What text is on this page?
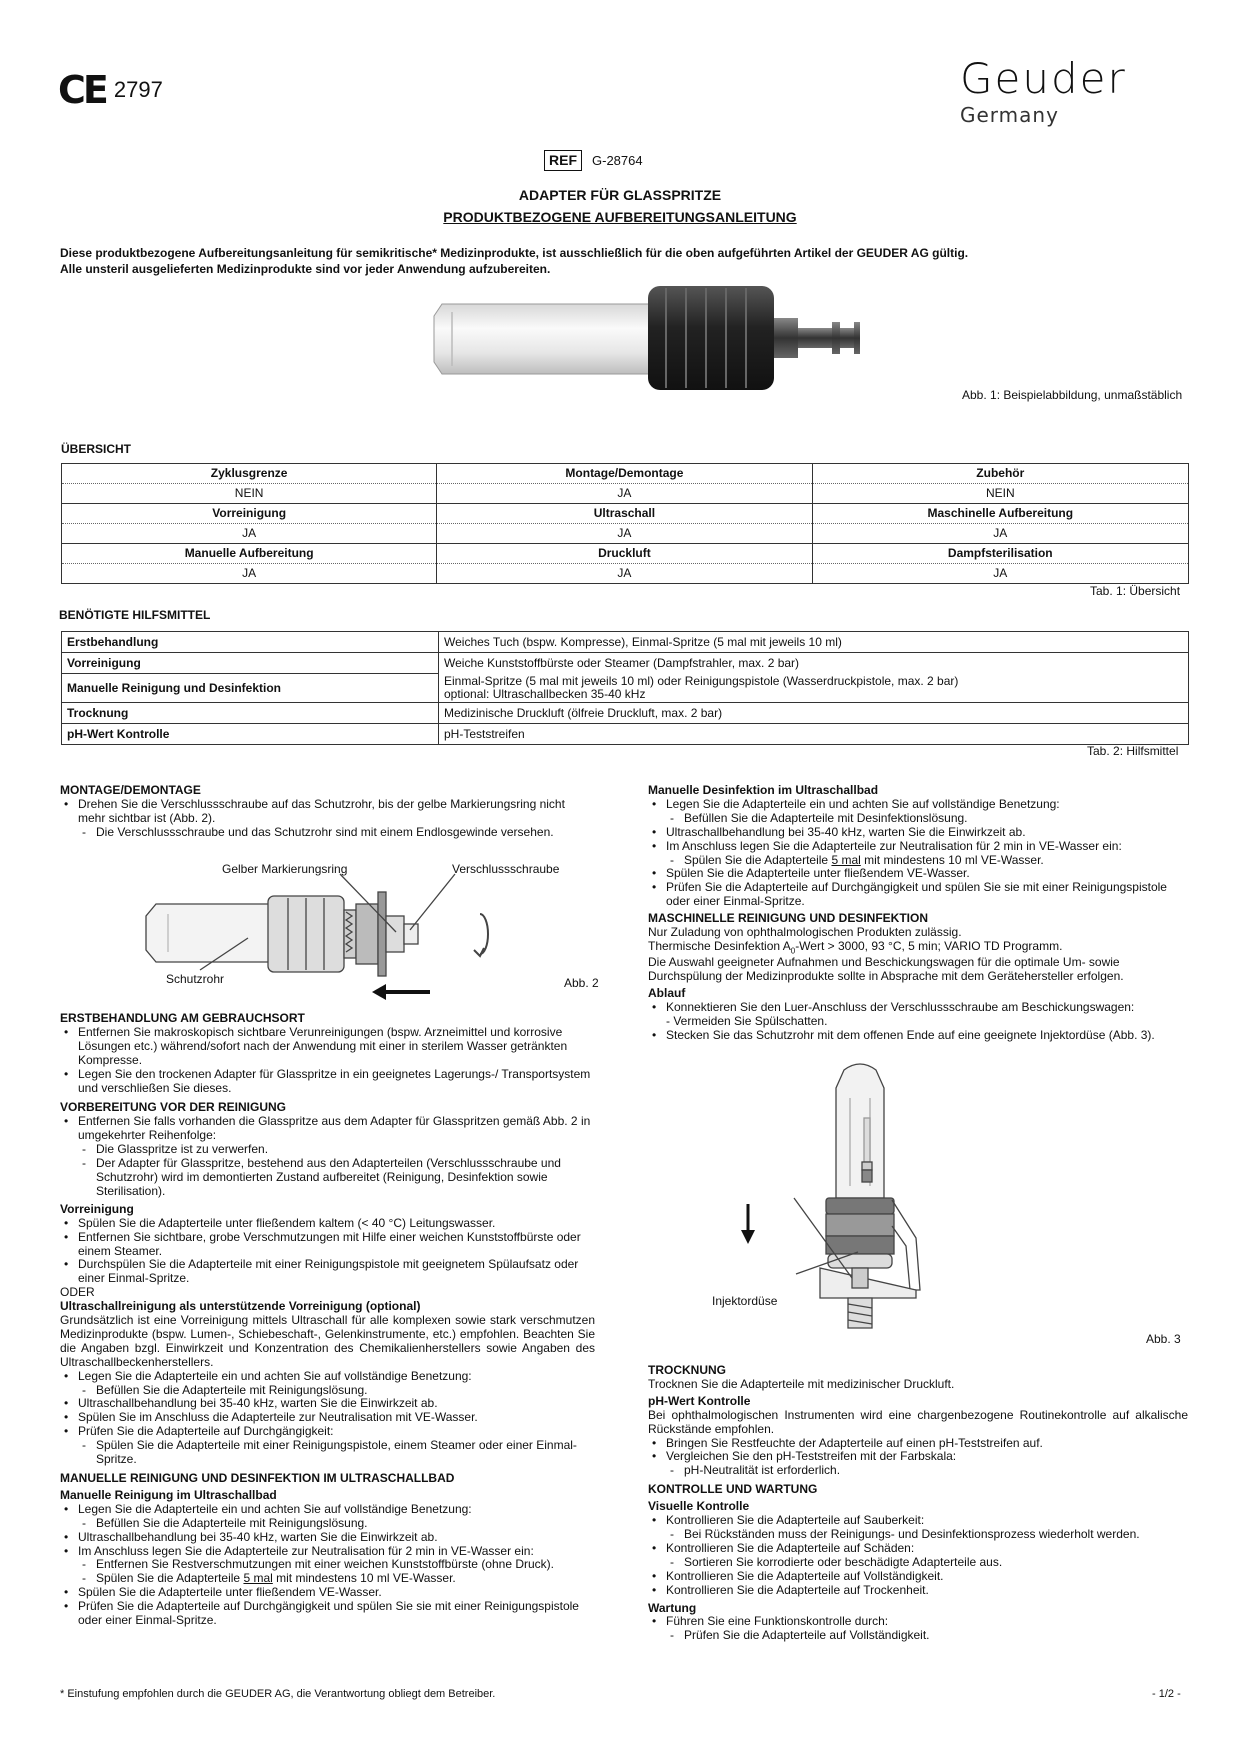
CE 2797	Geuder
Germany
REF	G-28764
ADAPTER FÜR GLASSPRITZE
PRODUKTBEZOGENE AUFBEREITUNGSANLEITUNG
Diese produktbezogene Aufbereitungsanleitung für semikritische* Medizinprodukte, ist ausschließlich für die oben aufgeführten Artikel der GEUDER AG gültig.
Alle unsteril ausgelieferten Medizinprodukte sind vor jeder Anwendung aufzubereiten.
Abb. 1: Beispielabbildung, unmaßstäblich
ÜBERSICHT
Zyklusgrenze	Montage/Demontage	Zubehör
NEIN	JA	NEIN
Vorreinigung	Ultraschall	Maschinelle Aufbereitung
JA	JA	JA
Manuelle Aufbereitung	Druckluft	Dampfsterilisation
JA	JA	JA
Tab. 1: Übersicht
BENÖTIGTE HILFSMITTEL
Erstbehandlung	Weiches Tuch (bspw. Kompresse), Einmal-Spritze (5 mal mit jeweils 10 ml)
Vorreinigung	Weiche Kunststoffbürste oder Steamer (Dampfstrahler, max. 2 bar)
Manuelle Reinigung und Desinfektion	Einmal-Spritze (5 mal mit jeweils 10 ml) oder Reinigungspistole (Wasserdruckpistole, max. 2 bar)
optional: Ultraschallbecken 35-40 kHz

Trocknung	Medizinische Druckluft (ölfreie Druckluft, max. 2 bar)
pH-Wert Kontrolle	pH-Teststreifen
Tab. 2: Hilfsmittel
MONTAGE/DEMONTAGE
• Drehen Sie die Verschlussschraube auf das Schutzrohr, bis der gelbe Markierungsring nicht mehr sichtbar ist (Abb. 2).
- Die Verschlussschraube und das Schutzrohr sind mit einem Endlosgewinde versehen.
Gelber Markierungsring	Verschlussschraube
Schutzrohr	Abb. 2
ERSTBEHANDLUNG AM GEBRAUCHSORT
• Entfernen Sie makroskopisch sichtbare Verunreinigungen (bspw. Arzneimittel und korrosive Lösungen etc.) während/sofort nach der Anwendung mit einer in sterilem Wasser getränkten Kompresse.
• Legen Sie den trockenen Adapter für Glasspritze in ein geeignetes Lagerungs-/ Transportsystem und verschließen Sie dieses.
VORBEREITUNG VOR DER REINIGUNG
• Entfernen Sie falls vorhanden die Glasspritze aus dem Adapter für Glasspritzen gemäß Abb. 2 in umgekehrter Reihenfolge:
- Die Glasspritze ist zu verwerfen.
- Der Adapter für Glasspritze, bestehend aus den Adapterteilen (Verschlussschraube und Schutzrohr) wird im demontierten Zustand aufbereitet (Reinigung, Desinfektion sowie Sterilisation).
Vorreinigung
• Spülen Sie die Adapterteile unter fließendem kaltem (< 40 °C) Leitungswasser.
• Entfernen Sie sichtbare, grobe Verschmutzungen mit Hilfe einer weichen Kunststoffbürste oder einem Steamer.
• Durchspülen Sie die Adapterteile mit einer Reinigungspistole mit geeignetem Spülaufsatz oder einer Einmal-Spritze.

ODER

Ultraschallreinigung als unterstützende Vorreinigung (optional)

Grundsätzlich ist eine Vorreinigung mittels Ultraschall für alle komplexen sowie stark verschmutzen Medizinprodukte (bspw. Lumen-, Schiebeschaft-, Gelenkinstrumente, etc.) empfohlen. Beachten Sie die Angaben bzgl. Einwirkzeit und Konzentration des Chemikalienherstellers sowie Angaben des Ultraschallbeckenherstellers.

• Legen Sie die Adapterteile ein und achten Sie auf vollständige Benetzung:
- Befüllen Sie die Adapterteile mit Reinigungslösung.
• Ultraschallbehandlung bei 35-40 kHz, warten Sie die Einwirkzeit ab.
• Spülen Sie im Anschluss die Adapterteile zur Neutralisation mit VE-Wasser.
• Prüfen Sie die Adapterteile auf Durchgängigkeit:
- Spülen Sie die Adapterteile mit einer Reinigungspistole, einem Steamer oder einer Einmal-Spritze.
MANUELLE REINIGUNG UND DESINFEKTION IM ULTRASCHALLBAD
Manuelle Reinigung im Ultraschallbad
• Legen Sie die Adapterteile ein und achten Sie auf vollständige Benetzung:
- Befüllen Sie die Adapterteile mit Reinigungslösung.
• Ultraschallbehandlung bei 35-40 kHz, warten Sie die Einwirkzeit ab.
• Im Anschluss legen Sie die Adapterteile zur Neutralisation für 2 min in VE-Wasser ein:
- Entfernen Sie Restverschmutzungen mit einer weichen Kunststoffbürste (ohne Druck).
- Spülen Sie die Adapterteile 5 mal mit mindestens 10 ml VE-Wasser.
• Spülen Sie die Adapterteile unter fließendem VE-Wasser.
• Prüfen Sie die Adapterteile auf Durchgängigkeit und spülen Sie sie mit einer Reinigungspistole oder einer Einmal-Spritze.
Manuelle Desinfektion im Ultraschallbad
• Legen Sie die Adapterteile ein und achten Sie auf vollständige Benetzung:
- Befüllen Sie die Adapterteile mit Desinfektionslösung.
• Ultraschallbehandlung bei 35-40 kHz, warten Sie die Einwirkzeit ab.
• Im Anschluss legen Sie die Adapterteile zur Neutralisation für 2 min in VE-Wasser ein:
- Spülen Sie die Adapterteile 5 mal mit mindestens 10 ml VE-Wasser.
• Spülen Sie die Adapterteile unter fließendem VE-Wasser.
• Prüfen Sie die Adapterteile auf Durchgängigkeit und spülen Sie sie mit einer Reinigungspistole oder einer Einmal-Spritze.
MASCHINELLE REINIGUNG UND DESINFEKTION

Nur Zuladung von ophthalmologischen Produkten zulässig.

Thermische Desinfektion $A_0$-Wert > 3000, 93 °C, 5 min; VARIO TD Programm.

Die Auswahl geeigneter Aufnahmen und Beschickungswagen für die optimale Um- sowie Durchspülung der Medizinprodukte sollte in Absprache mit dem Gerätehersteller erfolgen.

Ablauf
• Konnektieren Sie den Luer-Anschluss der Verschlussschraube am Beschickungswagen:
- Vermeiden Sie Spülschatten.
• Stecken Sie das Schutzrohr mit dem offenen Ende auf eine geeignete Injektordüse (Abb. 3).
Injektordüse
Abb. 3
TROCKNUNG

Trocknen Sie die Adapterteile mit medizinischer Druckluft.

pH-Wert Kontrolle

Bei ophthalmologischen Instrumenten wird eine chargenbezogene Routinekontrolle auf alkalische Rückstände empfohlen.

• Bringen Sie Restfeuchte der Adapterteile auf einen pH-Teststreifen auf.
• Vergleichen Sie den pH-Teststreifen mit der Farbskala:
- pH-Neutralität ist erforderlich.
KONTROLLE UND WARTUNG
Visuelle Kontrolle
• Kontrollieren Sie die Adapterteile auf Sauberkeit:
- Bei Rückständen muss der Reinigungs- und Desinfektionsprozess wiederholt werden.
• Kontrollieren Sie die Adapterteile auf Schäden:
- Sortieren Sie korrodierte oder beschädigte Adapterteile aus.
• Kontrollieren Sie die Adapterteile auf Vollständigkeit.
• Kontrollieren Sie die Adapterteile auf Trockenheit.
Wartung
• Führen Sie eine Funktionskontrolle durch:
- Prüfen Sie die Adapterteile auf Vollständigkeit.
* Einstufung empfohlen durch die GEUDER AG, die Verantwortung obliegt dem Betreiber.	- 1/2 -
